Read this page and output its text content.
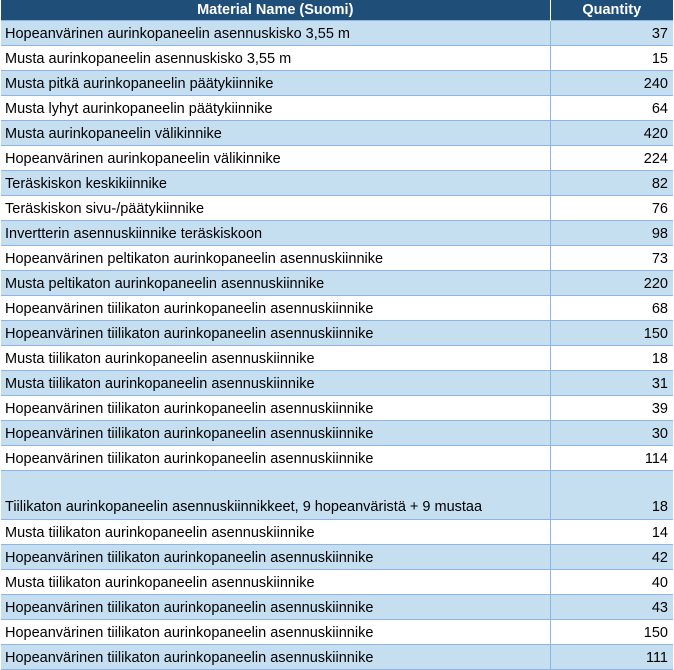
Material Name (Suomi)	Quantity
Hopeanvärinen aurinkopaneelin asennuskisko 3,55 m	37
Musta aurinkopaneelin asennuskisko 3,55 m	15
Musta pitkä aurinkopaneelin päätykiinnike	240
Musta lyhyt aurinkopaneelin päätykiinnike	64
Musta aurinkopaneelin välikinnike	420
Hopeanvärinen aurinkopaneelin välikinnike	224
Teräskiskon keskikiinnike	82
Teräskiskon sivu-/päätykiinnike	76
Invertterin asennuskiinnike teräskiskoon	98
Hopeanvärinen peltikaton aurinkopaneelin asennuskiinnike	73
Musta peltikaton aurinkopaneelin asennuskiinnike	220
Hopeanvärinen tiilikaton aurinkopaneelin asennuskiinnike	68
Hopeanvärinen tiilikaton aurinkopaneelin asennuskiinnike	150
Musta tiilikaton aurinkopaneelin asennuskiinnike	18
Musta tiilikaton aurinkopaneelin asennuskiinnike	31
Hopeanvärinen tiilikaton aurinkopaneelin asennuskiinnike	39
Hopeanvärinen tiilikaton aurinkopaneelin asennuskiinnike	30
Hopeanvärinen tiilikaton aurinkopaneelin asennuskiinnike	114
Tiilikaton aurinkopaneelin asennuskiinnikkeet, 9 hopeanväristä + 9 mustaa	18
Musta tiilikaton aurinkopaneelin asennuskiinnike	14
Hopeanvärinen tiilikaton aurinkopaneelin asennuskiinnike	42
Musta tiilikaton aurinkopaneelin asennuskiinnike	40
Hopeanvärinen tiilikaton aurinkopaneelin asennuskiinnike	43
Hopeanvärinen tiilikaton aurinkopaneelin asennuskiinnike	150
Hopeanvärinen tiilikaton aurinkopaneelin asennuskiinnike	111
